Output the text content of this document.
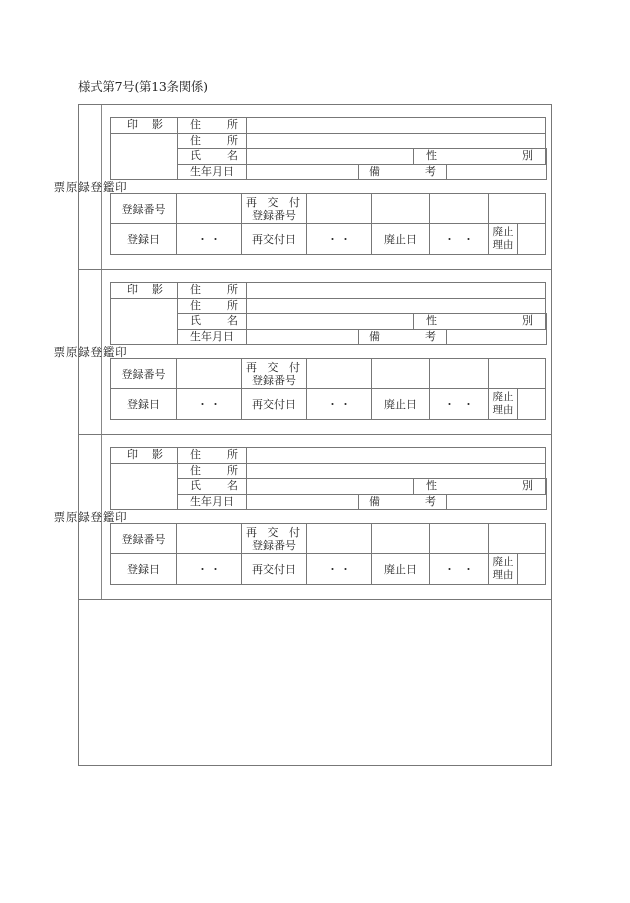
様式第7号(第13条関係)
印
鑑
登
録
原
票
印 影	住 所					

	住 所					

	氏 名			性 別		

	生年月日		備 考			

登録番号		再 交 付
登録番号					

登録日	・ ・	再交付日	・ ・	廃止日	・ ・

廃止
理由

印
鑑
登
録
原
票
印 影	住 所					

	住 所					

	氏 名			性 別		

	生年月日		備 考			

登録番号		再 交 付
登録番号					

登録日	・ ・	再交付日	・ ・	廃止日	・ ・

廃止
理由

印
鑑
登
録
原
票
印 影	住 所					

	住 所					

	氏 名			性 別		

	生年月日		備 考			

登録番号		再 交 付
登録番号					

登録日	・ ・	再交付日	・ ・	廃止日	・ ・

廃止
理由
